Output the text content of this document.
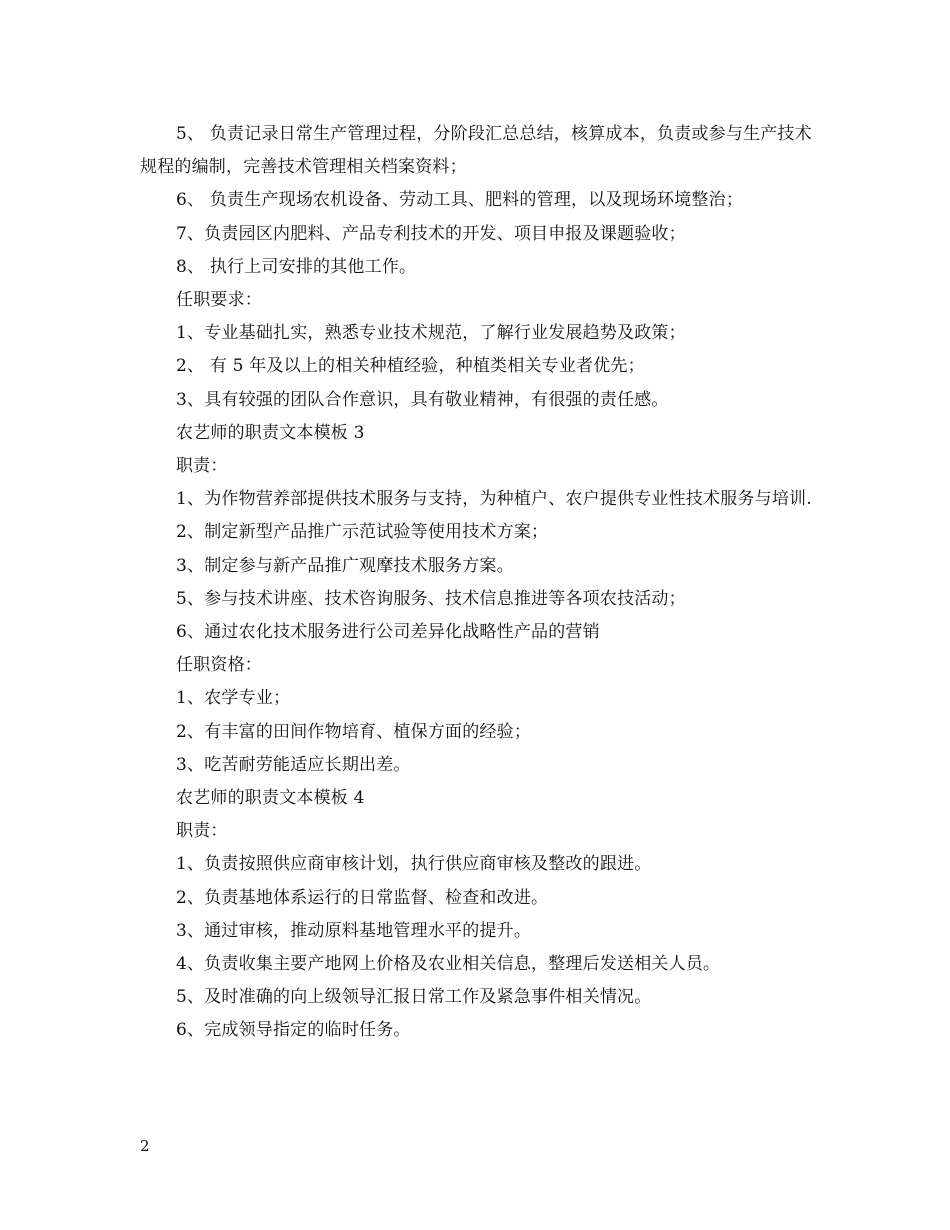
5、 负责记录日常生产管理过程，分阶段汇总总结，核算成本，负责或参与生产技术规程的编制，完善技术管理相关档案资料；

6、 负责生产现场农机设备、劳动工具、肥料的管理，以及现场环境整治；

7、负责园区内肥料、产品专利技术的开发、项目申报及课题验收；

8、 执行上司安排的其他工作。

任职要求：

1、专业基础扎实，熟悉专业技术规范，了解行业发展趋势及政策；

2、 有 5 年及以上的相关种植经验，种植类相关专业者优先；

3、具有较强的团队合作意识，具有敬业精神，有很强的责任感。

农艺师的职责文本模板 3

职责：

1、为作物营养部提供技术服务与支持，为种植户、农户提供专业性技术服务与培训.

2、制定新型产品推广示范试验等使用技术方案；

3、制定参与新产品推广观摩技术服务方案。

5、参与技术讲座、技术咨询服务、技术信息推进等各项农技活动；

6、通过农化技术服务进行公司差异化战略性产品的营销

任职资格：

1、农学专业；

2、有丰富的田间作物培育、植保方面的经验；

3、吃苦耐劳能适应长期出差。

农艺师的职责文本模板 4

职责：

1、负责按照供应商审核计划，执行供应商审核及整改的跟进。

2、负责基地体系运行的日常监督、检查和改进。

3、通过审核，推动原料基地管理水平的提升。

4、负责收集主要产地网上价格及农业相关信息，整理后发送相关人员。

5、及时准确的向上级领导汇报日常工作及紧急事件相关情况。

6、完成领导指定的临时任务。

2
